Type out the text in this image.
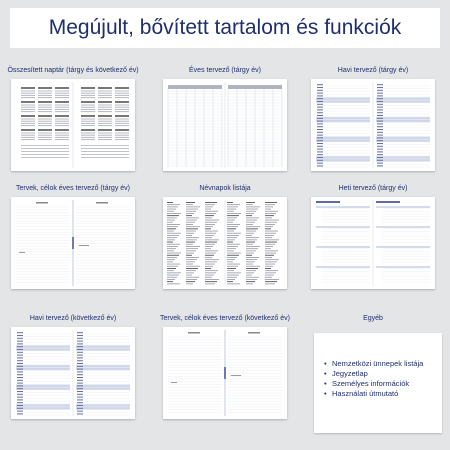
Megújult, bővített tartalom és funkciók
Összesített naptár (tárgy és következő év)	Éves tervező (tárgy év)	Havi tervező (tárgy év)
Tervek, célok éves tervező (tárgy év)	Névnapok listája	Heti tervező (tárgy év)
Havi tervező (következő év)	Tervek, célok éves tervező (következő év)	Egyéb
• Nemzetközi ünnepek listája
• Jegyzetlap
• Személyes információk
• Használati útmutató
